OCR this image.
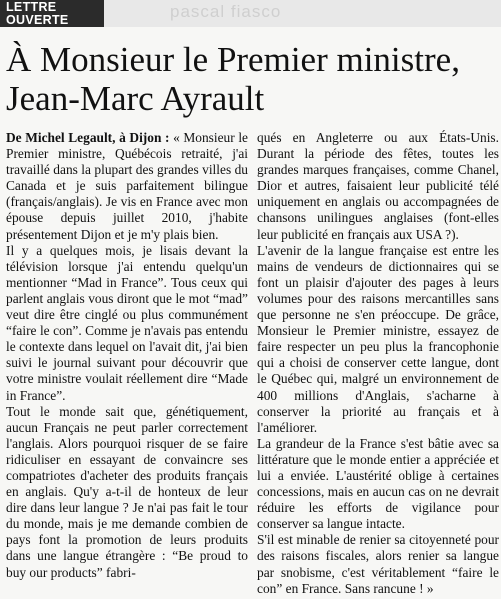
pascal fiasco
LETTRE
OUVERTE
À Monsieur le Premier ministre,
Jean-Marc Ayrault

De Michel Legault, à Dijon : « Monsieur le Premier ministre, Québécois retraité, j'ai travaillé dans la plupart des grandes villes du Canada et je suis parfaitement bilingue (français/anglais). Je vis en France avec mon épouse depuis juillet 2010, j'habite présentement Dijon et je m'y plais bien.

Il y a quelques mois, je lisais devant la télévision lorsque j'ai entendu quelqu'un mentionner “Mad in France”. Tous ceux qui parlent anglais vous diront que le mot “mad” veut dire être cinglé ou plus communément “faire le con”. Comme je n'avais pas entendu le contexte dans lequel on l'avait dit, j'ai bien suivi le journal suivant pour découvrir que votre ministre voulait réellement dire “Made in France”.

Tout le monde sait que, génétiquement, aucun Français ne peut parler correctement l'anglais. Alors pourquoi risquer de se faire ridiculiser en essayant de convaincre ses compatriotes d'acheter des produits français en anglais. Qu'y a-t-il de honteux de leur dire dans leur langue ? Je n'ai pas fait le tour du monde, mais je me demande combien de pays font la promotion de leurs produits dans une langue étrangère : “Be proud to buy our products” fabri-

qués en Angleterre ou aux États-Unis. Durant la période des fêtes, toutes les grandes marques françaises, comme Chanel, Dior et autres, faisaient leur publicité télé uniquement en anglais ou accompagnées de chansons unilingues anglaises (font-elles leur publicité en français aux USA ?).

L'avenir de la langue française est entre les mains de vendeurs de dictionnaires qui se font un plaisir d'ajouter des pages à leurs volumes pour des raisons mercantilles sans que personne ne s'en préoccupe. De grâce, Monsieur le Premier ministre, essayez de faire respecter un peu plus la francophonie qui a choisi de conserver cette langue, dont le Québec qui, malgré un environnement de 400 millions d'Anglais, s'acharne à conserver la priorité au français et à l'améliorer.

La grandeur de la France s'est bâtie avec sa littérature que le monde entier a appréciée et lui a enviée. L'austérité oblige à certaines concessions, mais en aucun cas on ne devrait réduire les efforts de vigilance pour conserver sa langue intacte.

S'il est minable de renier sa citoyenneté pour des raisons fiscales, alors renier sa langue par snobisme, c'est véritablement “faire le con” en France. Sans rancune ! »
